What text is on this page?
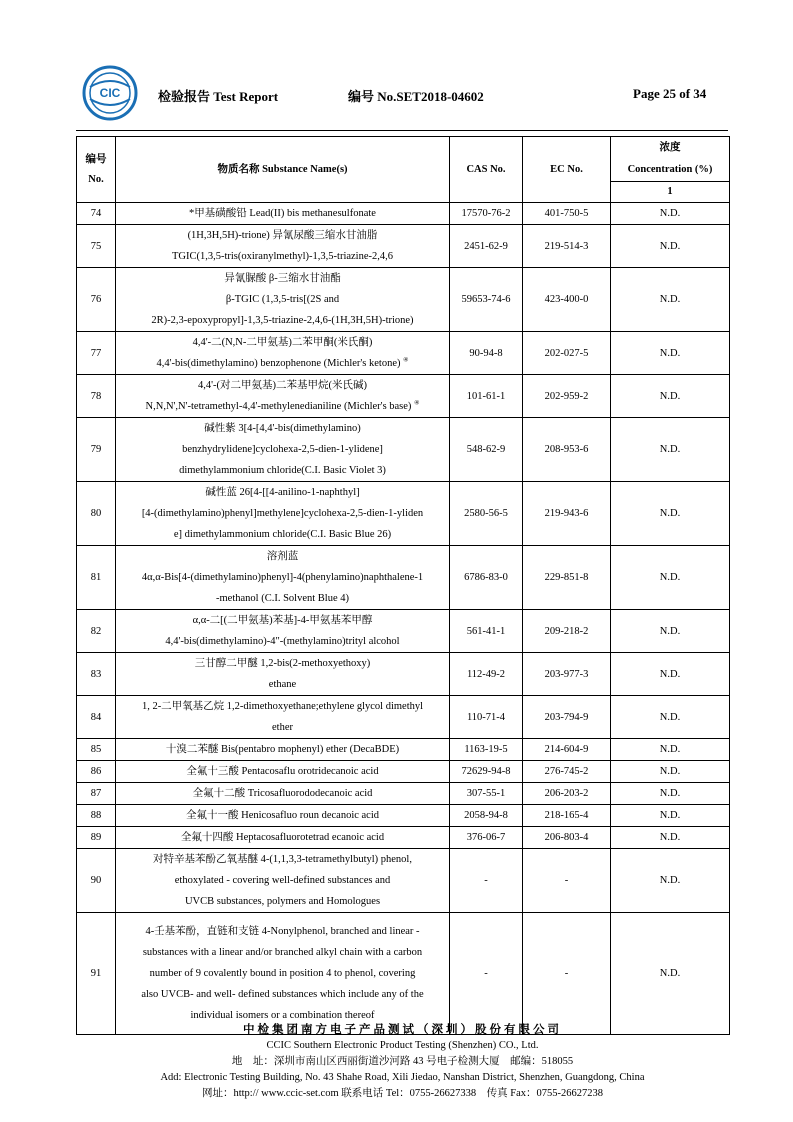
CIC	检验报告 Test Report	编号 No.SET2018-04602	Page 25 of 34
编号 No.	物质名称 Substance Name(s)	CAS No.	EC No.	浓度
Concentration (%)

				1
74	*甲基磺酸铅 Lead(II) bis methanesulfonate	17570-76-2	401-750-5	N.D.
75	(1H,3H,5H)-trione) 异氰尿酸三缩水甘油脂
TGIC(1,3,5-tris(oxiranylmethyl)-1,3,5-triazine-2,4,6	2451-62-9	219-514-3	N.D.
76	异氰脲酸 β-三缩水甘油酯
β-TGIC (1,3,5-tris[(2S and
2R)-2,3-epoxypropyl]-1,3,5-triazine-2,4,6-(1H,3H,5H)-trione)	59653-74-6	423-400-0	N.D.
77	4,4'-二(N,N-二甲氨基)二苯甲酮(米氏酮)
4,4'-bis(dimethylamino) benzophenone (Michler's ketone) ④	90-94-8	202-027-5	N.D.
78	4,4'-(对二甲氨基)二苯基甲烷(米氏碱)
N,N,N',N'-tetramethyl-4,4'-methylenedianiline (Michler's base) ④	101-61-1	202-959-2	N.D.
79	碱性紫 3[4-[4,4'-bis(dimethylamino)
benzhydrylidene]cyclohexa-2,5-dien-1-ylidene]
dimethylammonium chloride(C.I. Basic Violet 3)	548-62-9	208-953-6	N.D.
80	碱性蓝 26[4-[[4-anilino-1-naphthyl]
[4-(dimethylamino)phenyl]methylene]cyclohexa-2,5-dien-1-yliden
e] dimethylammonium chloride(C.I. Basic Blue 26)	2580-56-5	219-943-6	N.D.
81	溶剂蓝
4α,α-Bis[4-(dimethylamino)phenyl]-4(phenylamino)naphthalene-1
-methanol (C.I. Solvent Blue 4)	6786-83-0	229-851-8	N.D.
82	α,α-二[(二甲氨基)苯基]-4-甲氨基苯甲醇
4,4'-bis(dimethylamino)-4"-(methylamino)trityl alcohol	561-41-1	209-218-2	N.D.
83	三甘醇二甲醚 1,2-bis(2-methoxyethoxy)
ethane	112-49-2	203-977-3	N.D.
84	1, 2-二甲氧基乙烷 1,2-dimethoxyethane;ethylene glycol dimethyl
ether	110-71-4	203-794-9	N.D.
85	十溴二苯醚 Bis(pentabro mophenyl) ether (DecaBDE)	1163-19-5	214-604-9	N.D.
86	全氟十三酸 Pentacosaflu orotridecanoic acid	72629-94-8	276-745-2	N.D.
87	全氟十二酸 Tricosafluorododecanoic acid	307-55-1	206-203-2	N.D.
88	全氟十一酸 Henicosafluo roun decanoic acid	2058-94-8	218-165-4	N.D.
89	全氟十四酸 Heptacosafluorotetrad ecanoic acid	376-06-7	206-803-4	N.D.
90	对特辛基苯酚乙氧基醚 4-(1,1,3,3-tetramethylbutyl) phenol,
ethoxylated - covering well-defined substances and
UVCB substances, polymers and Homologues	-	-	N.D.
91	4-壬基苯酚，直链和支链 4-Nonylphenol, branched and linear -
substances with a linear and/or branched alkyl chain with a carbon
number of 9 covalently bound in position 4 to phenol, covering
also UVCB- and well- defined substances which include any of the
individual isomers or a combination thereof	-	-	N.D.
中检集团南方电子产品测试（深圳）股份有限公司
CCIC Southern Electronic Product Testing (Shenzhen) CO., Ltd.
地　址：深圳市南山区西丽街道沙河路 43 号电子检测大厦　邮编：518055
Add: Electronic Testing Building, No. 43 Shahe Road, Xili Jiedao, Nanshan District, Shenzhen, Guangdong, China
网址：http:// www.ccic-set.com 联系电话 Tel：0755-26627338　传真 Fax：0755-26627238
